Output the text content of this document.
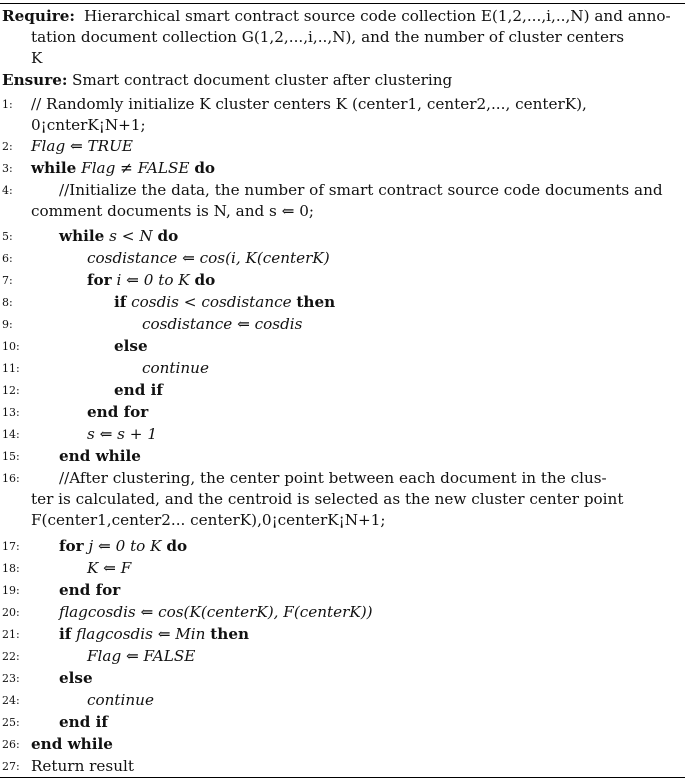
Require: Hierarchical smart contract source code collection E(1,2,...,i,..,N) and anno-
tation document collection G(1,2,...,i,..,N), and the number of cluster centers
K
Ensure: Smart contract document cluster after clustering
1: // Randomly initialize K cluster centers K (center1, center2,..., centerK),
0¡cnterK¡N+1;
2: Flag ⇐ TRUE
3: while Flag ≠ FALSE do
4:	//Initialize the data, the number of smart contract source code documents and
comment documents is N, and s ⇐ 0;
5:	while s < N do
6:	cosdistance ⇐ cos(i, K(centerK)
7:	for i ⇐ 0 to K do
8:	if cosdis < cosdistance then
9:	cosdistance ⇐ cosdis
10:	else
11:	continue
12:	end if
13:	end for
14:	s ⇐ s + 1
15:	end while
16:	//After clustering, the center point between each document in the clus-
ter is calculated, and the centroid is selected as the new cluster center point
F(center1,center2... centerK),0¡centerK¡N+1;
17:	for j ⇐ 0 to K do
18:	K ⇐ F
19:	end for
20:	flagcosdis ⇐ cos(K(centerK), F(centerK))
21:	if flagcosdis ⇐ Min then
22:	Flag ⇐ FALSE
23:	else
24:	continue
25:	end if
26: end while
27: Return result
